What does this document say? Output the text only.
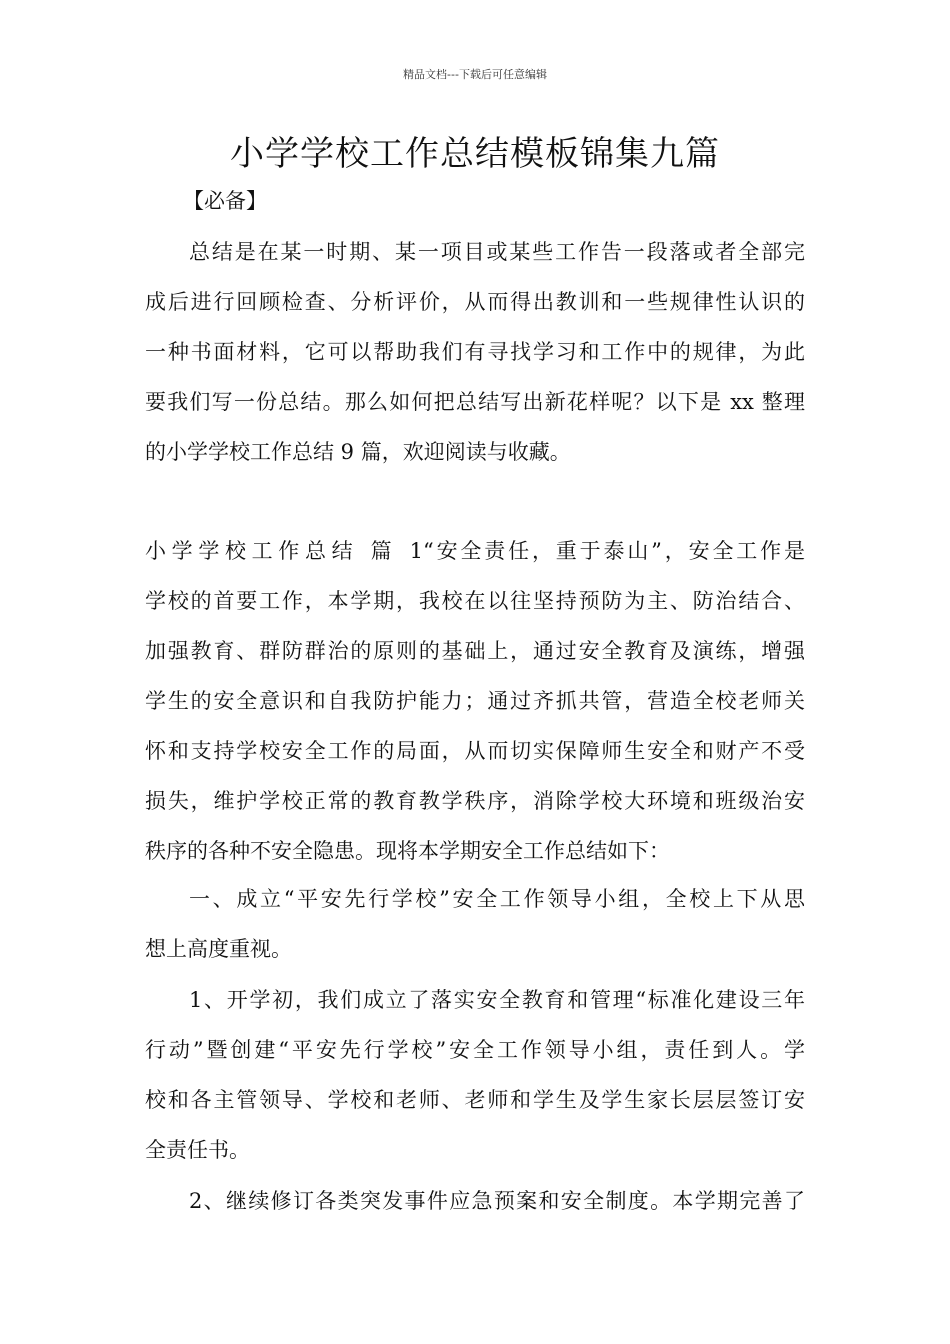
精品文档---下载后可任意编辑
小学学校工作总结模板锦集九篇
【必备】
总结是在某一时期、某一项目或某些工作告一段落或者全部完
成后进行回顾检查、分析评价，从而得出教训和一些规律性认识的
一种书面材料，它可以帮助我们有寻找学习和工作中的规律，为此
要我们写一份总结。那么如何把总结写出新花样呢？以下是 xx 整理
的小学学校工作总结 9 篇，欢迎阅读与收藏。
小学学校工作总结 篇 1“安全责任，重于泰山”，安全工作是
学校的首要工作，本学期，我校在以往坚持预防为主、防治结合、
加强教育、群防群治的原则的基础上，通过安全教育及演练，增强
学生的安全意识和自我防护能力；通过齐抓共管，营造全校老师关
怀和支持学校安全工作的局面，从而切实保障师生安全和财产不受
损失，维护学校正常的教育教学秩序，消除学校大环境和班级治安
秩序的各种不安全隐患。现将本学期安全工作总结如下：
一、成立“平安先行学校”安全工作领导小组，全校上下从思
想上高度重视。
1、开学初，我们成立了落实安全教育和管理“标准化建设三年
行动”暨创建“平安先行学校”安全工作领导小组，责任到人。学
校和各主管领导、学校和老师、老师和学生及学生家长层层签订安
全责任书。
2、继续修订各类突发事件应急预案和安全制度。本学期完善了
